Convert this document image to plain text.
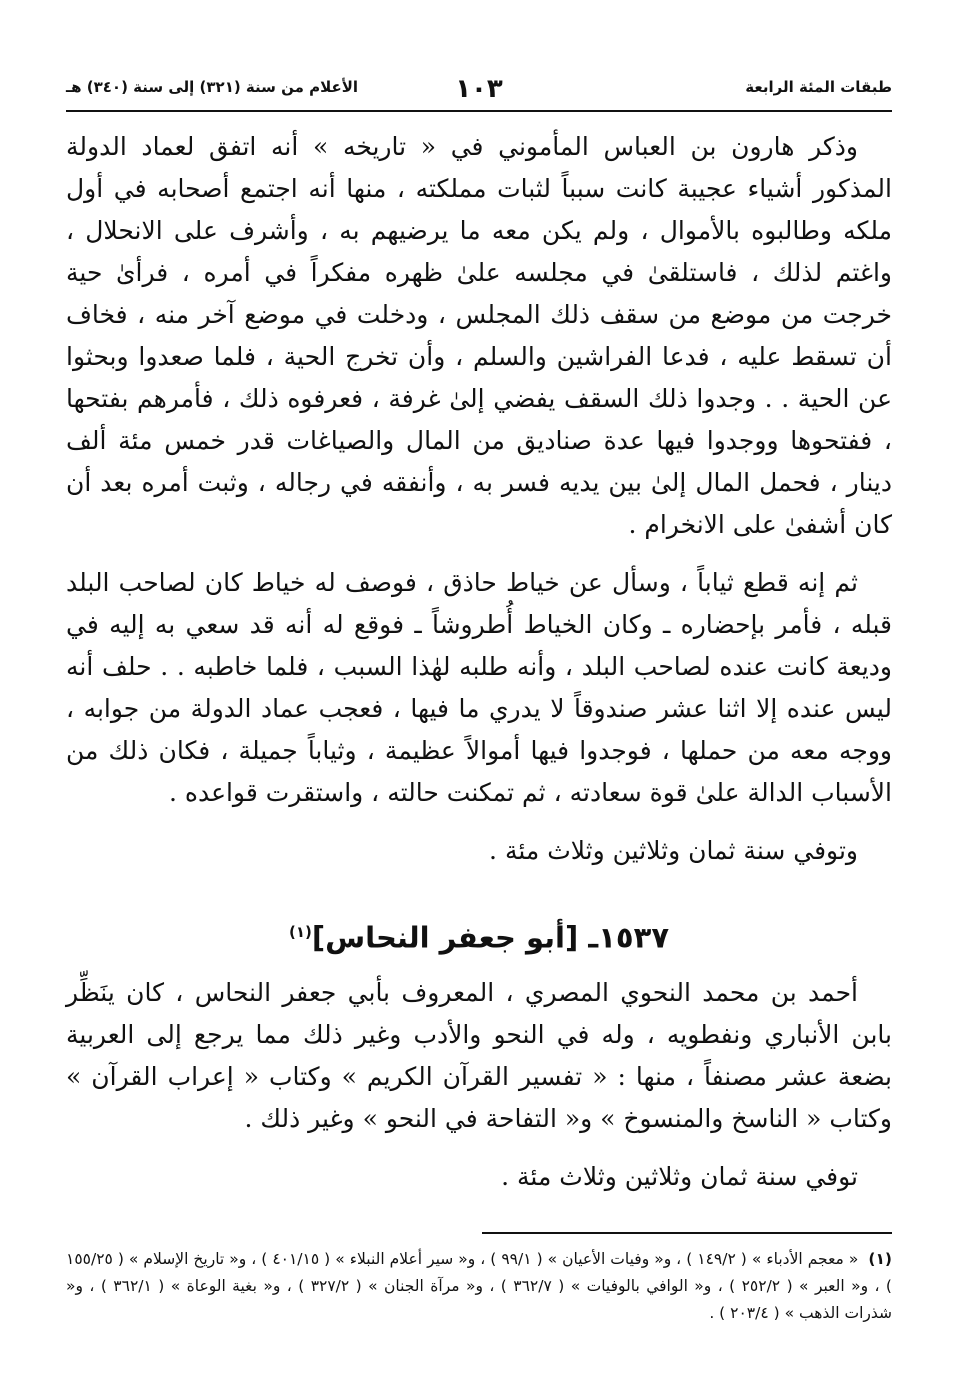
طبقات المئة الرابعة
١٠٣
الأعلام من سنة (٣٢١) إلى سنة (٣٤٠) هـ

وذكر هارون بن العباس المأموني في « تاريخه » أنه اتفق لعماد الدولة المذكور أشياء عجيبة كانت سبباً لثبات مملكته ، منها أنه اجتمع أصحابه في أول ملكه وطالبوه بالأموال ، ولم يكن معه ما يرضيهم به ، وأشرف على الانحلال ، واغتم لذلك ، فاستلقىٰ في مجلسه علىٰ ظهره مفكراً في أمره ، فرأىٰ حية خرجت من موضع من سقف ذلك المجلس ، ودخلت في موضع آخر منه ، فخاف أن تسقط عليه ، فدعا الفراشين والسلم ، وأن تخرج الحية ، فلما صعدوا وبحثوا عن الحية . . وجدوا ذلك السقف يفضي إلىٰ غرفة ، فعرفوه ذلك ، فأمرهم بفتحها ، ففتحوها ووجدوا فيها عدة صناديق من المال والصياغات قدر خمس مئة ألف دينار ، فحمل المال إلىٰ بين يديه فسر به ، وأنفقه في رجاله ، وثبت أمره بعد أن كان أشفىٰ على الانخرام .

ثم إنه قطع ثياباً ، وسأل عن خياط حاذق ، فوصف له خياط كان لصاحب البلد قبله ، فأمر بإحضاره ـ وكان الخياط أُطروشاً ـ فوقع له أنه قد سعي به إليه في وديعة كانت عنده لصاحب البلد ، وأنه طلبه لهٰذا السبب ، فلما خاطبه . . حلف أنه ليس عنده إلا اثنا عشر صندوقاً لا يدري ما فيها ، فعجب عماد الدولة من جوابه ، ووجه معه من حملها ، فوجدوا فيها أموالاً عظيمة ، وثياباً جميلة ، فكان ذلك من الأسباب الدالة علىٰ قوة سعادته ، ثم تمكنت حالته ، واستقرت قواعده .

وتوفي سنة ثمان وثلاثين وثلاث مئة .

١٥٣٧ـ [أبو جعفر النحاس]$^{(١)}$

أحمد بن محمد النحوي المصري ، المعروف بأبي جعفر النحاس ، كان ينَظِّر بابن الأنباري ونفطويه ، وله في النحو والأدب وغير ذلك مما يرجع إلى العربية بضعة عشر مصنفاً ، منها : « تفسير القرآن الكريم » وكتاب « إعراب القرآن » وكتاب « الناسخ والمنسوخ » و« التفاحة في النحو » وغير ذلك .

توفي سنة ثمان وثلاثين وثلاث مئة .

(١)« معجم الأدباء » ( ١٤٩/٢ ) ، و« وفيات الأعيان » ( ٩٩/١ ) ، و« سير أعلام النبلاء » ( ٤٠١/١٥ ) ، و« تاريخ الإسلام » ( ١٥٥/٢٥ ) ، و« العبر » ( ٢٥٢/٢ ) ، و« الوافي بالوفيات » ( ٣٦٢/٧ ) ، و« مرآة الجنان » ( ٣٢٧/٢ ) ، و« بغية الوعاة » ( ٣٦٢/١ ) ، و« شذرات الذهب » ( ٢٠٣/٤ ) .
